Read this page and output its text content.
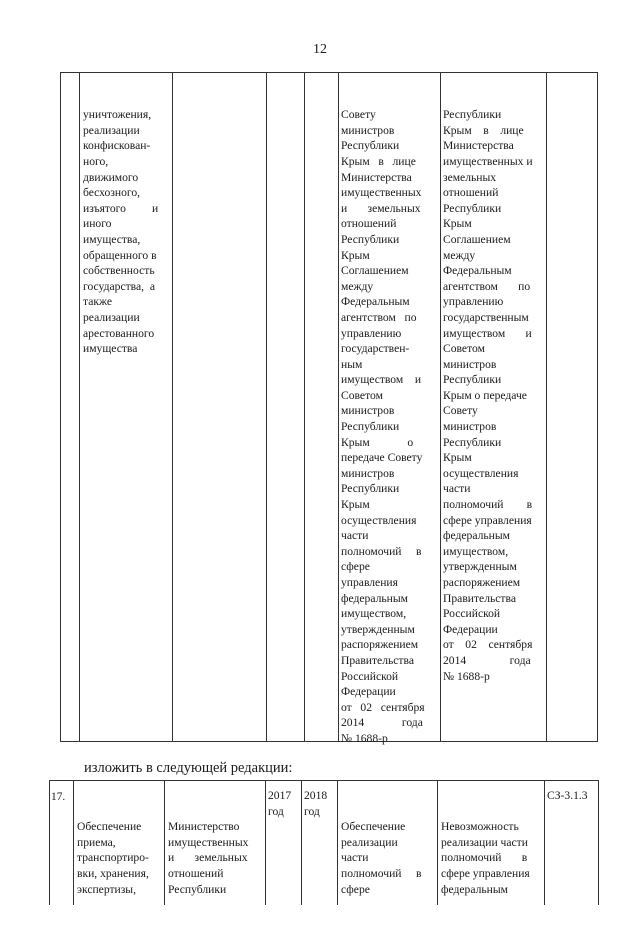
12

уничтожения,
реализации
конфискован-
ного,
движимого
бесхозного,
изъятого         и
иного
имущества,
обращенного в
собственность
государства,  а
также
реализации
арестованного
имущества

Совету
министров
Республики
Крым   в   лице
Министерства
имущественных
и       земельных
отношений
Республики
Крым
Соглашением
между
Федеральным
агентством   по
управлению
государствен-
ным
имуществом    и
Советом
министров
Республики
Крым             о
передаче Совету
министров
Республики
Крым
осуществления
части
полномочий     в
сфере
управления
федеральным
имуществом,
утвержденным
распоряжением
Правительства
Российской
Федерации
от   02   сентября
2014             года
№ 1688-р

Республики
Крым    в    лице
Министерства
имущественных и
земельных
отношений
Республики
Крым
Соглашением
между
Федеральным
агентством       по
управлению
государственным
имуществом       и
Советом
министров
Республики
Крым о передаче
Совету
министров
Республики
Крым
осуществления
части
полномочий        в
сфере управления
федеральным
имуществом,
утвержденным
распоряжением
Правительства
Российской
Федерации
от    02    сентября
2014               года
№ 1688-р

изложить в следующей редакции:
17.

Обеспечение
приема,
транспортиро-
вки, хранения,
экспертизы,

Министерство
имущественных
и       земельных
отношений
Республики

2017
год
2018
год

Обеспечение
реализации
части
полномочий     в
сфере

Невозможность
реализации части
полномочий       в
сфере управления
федеральным

СЗ-3.1.3
